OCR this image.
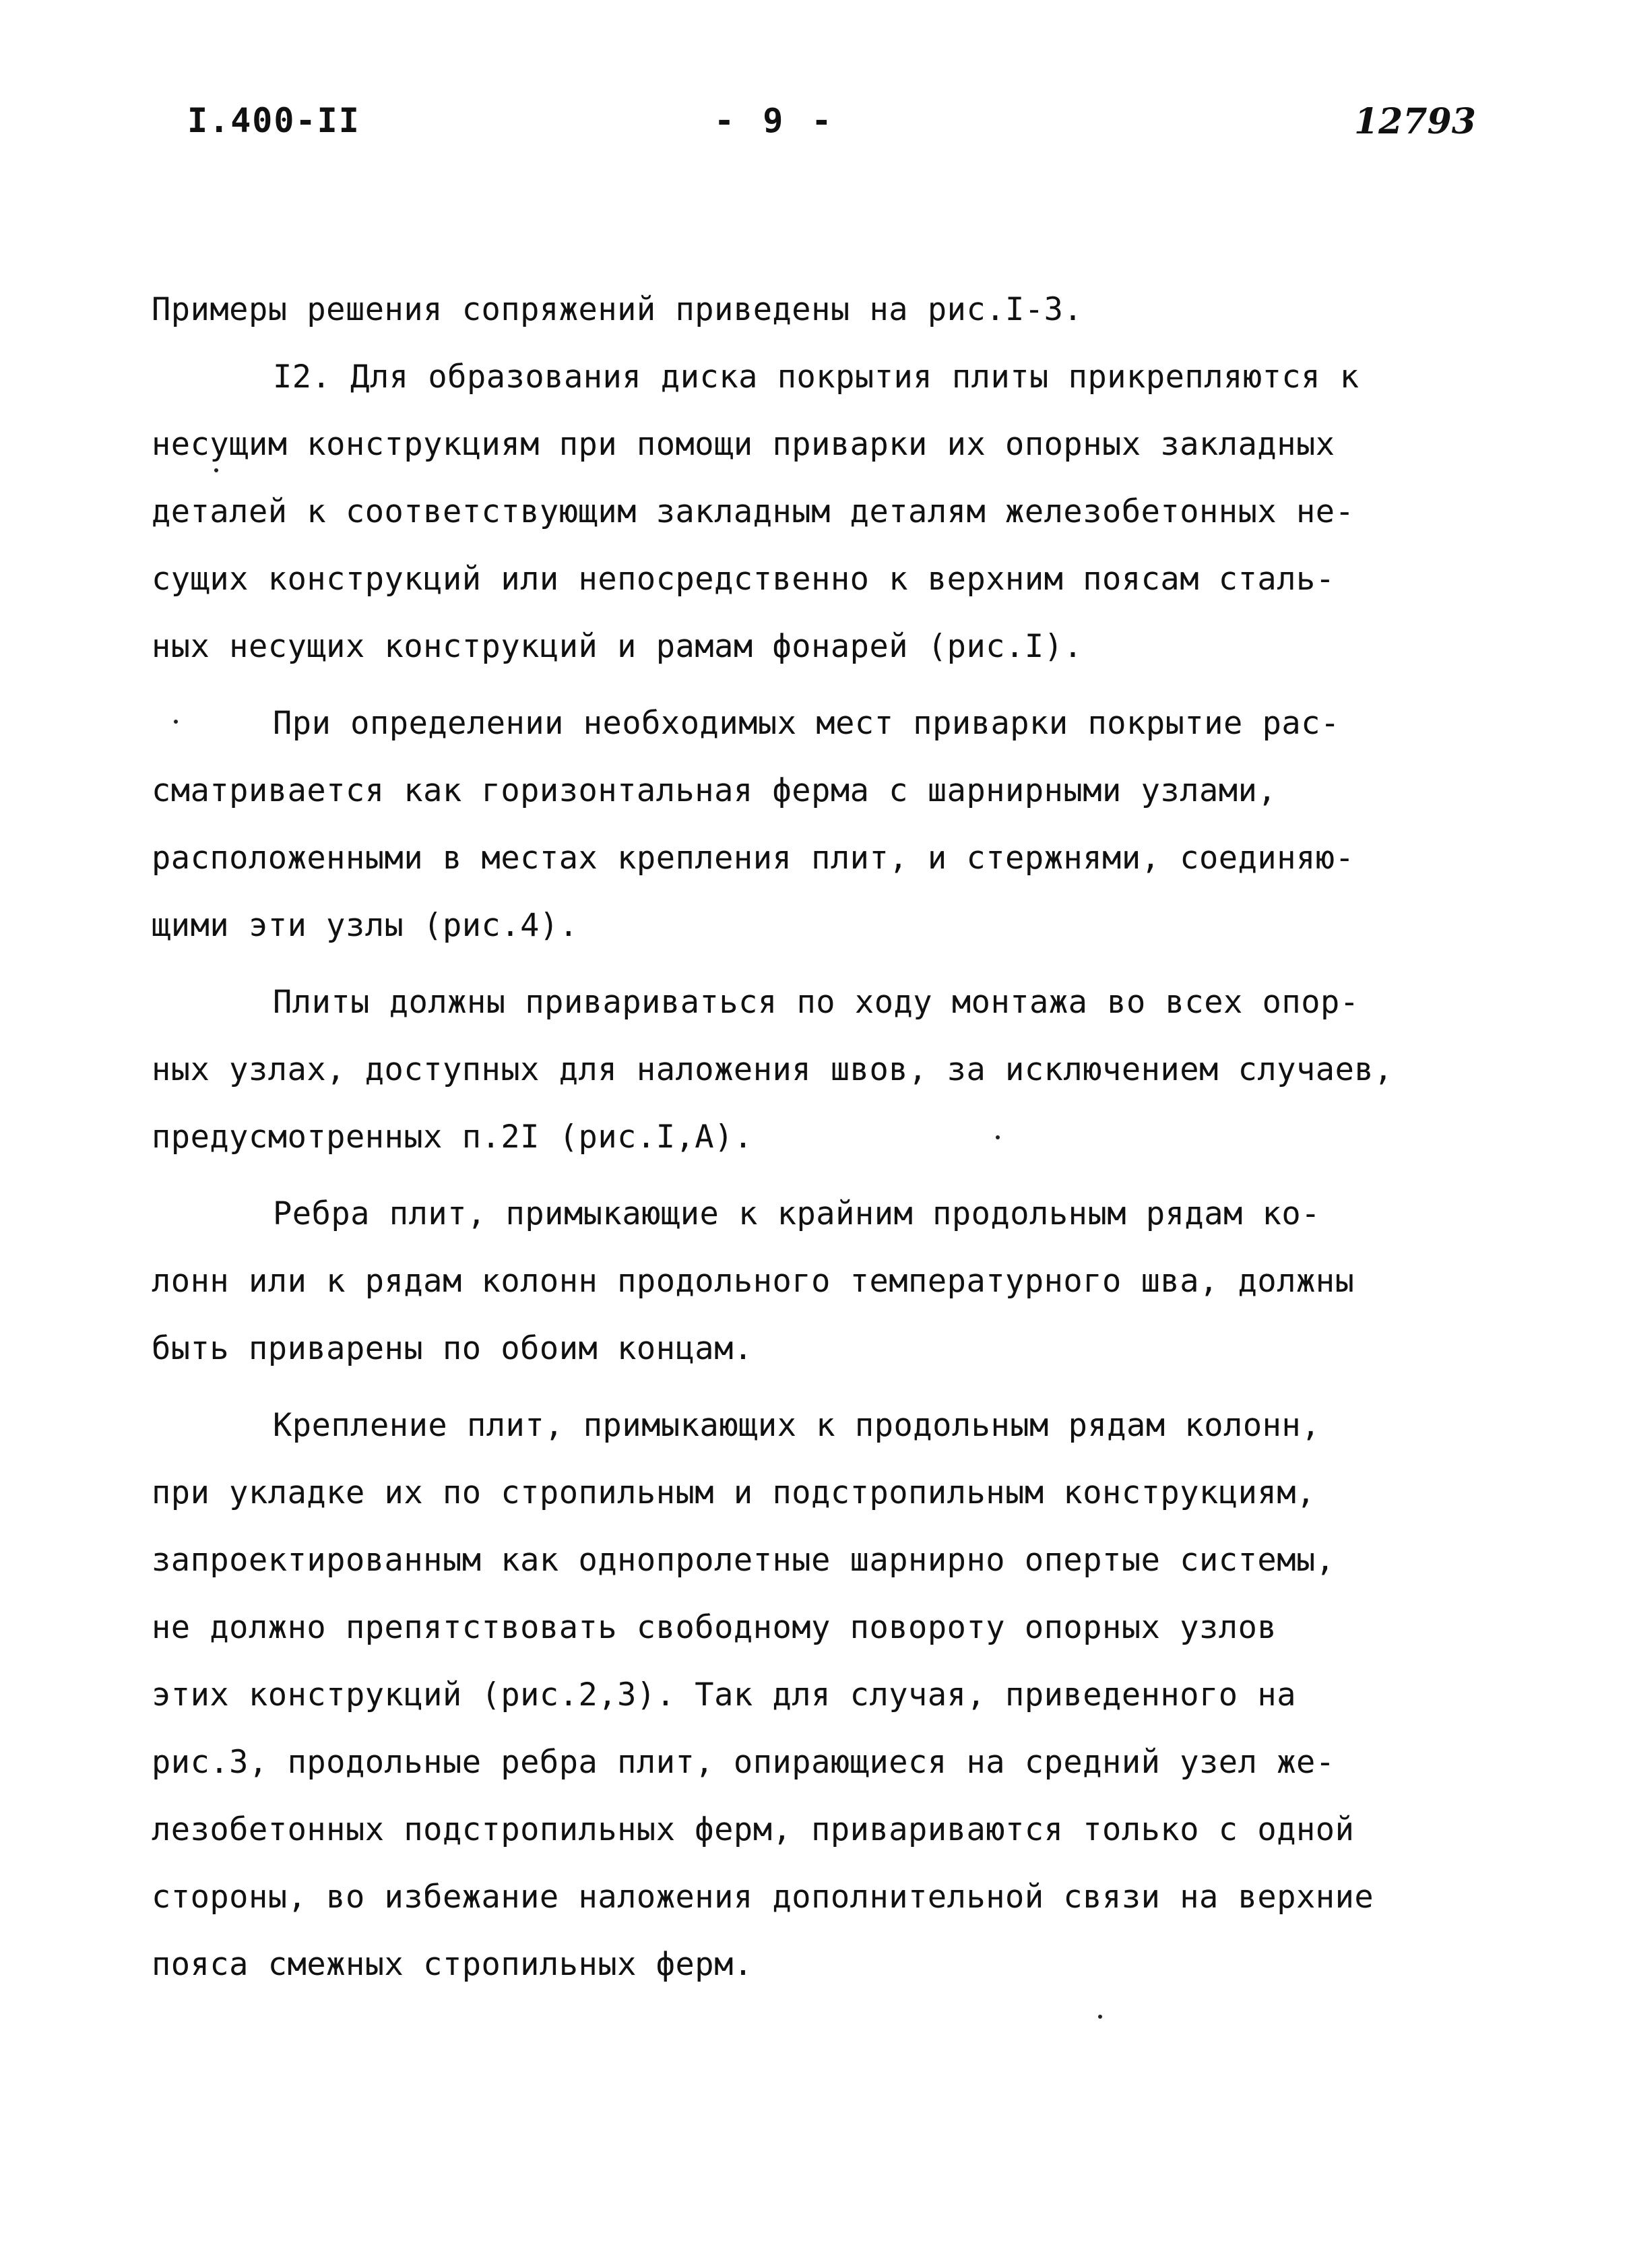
I.400-II	- 9 -	12793
Примеры решения сопряжений приведены на рис.I-3.
I2. Для образования диска покрытия плиты прикрепляются к
несущим конструкциям при помощи приварки их опорных закладных
деталей к соответствующим закладным деталям железобетонных не-
сущих конструкций или непосредственно к верхним поясам сталь-
ных несущих конструкций и рамам фонарей (рис.I).
При определении необходимых мест приварки покрытие рас-
сматривается как горизонтальная ферма с шарнирными узлами,
расположенными в местах крепления плит, и стержнями, соединяю-
щими эти узлы (рис.4).
Плиты должны привариваться по ходу монтажа во всех опор-
ных узлах, доступных для наложения швов, за исключением случаев,
предусмотренных п.2I (рис.I,А).
Ребра плит, примыкающие к крайним продольным рядам ко-
лонн или к рядам колонн продольного температурного шва, должны
быть приварены по обоим концам.
Крепление плит, примыкающих к продольным рядам колонн,
при укладке их по стропильным и подстропильным конструкциям,
запроектированным как однопролетные шарнирно опертые системы,
не должно препятствовать свободному повороту опорных узлов
этих конструкций (рис.2,3). Так для случая, приведенного на
рис.3, продольные ребра плит, опирающиеся на средний узел же-
лезобетонных подстропильных ферм, привариваются только с одной
стороны, во избежание наложения дополнительной связи на верхние
пояса смежных стропильных ферм.
